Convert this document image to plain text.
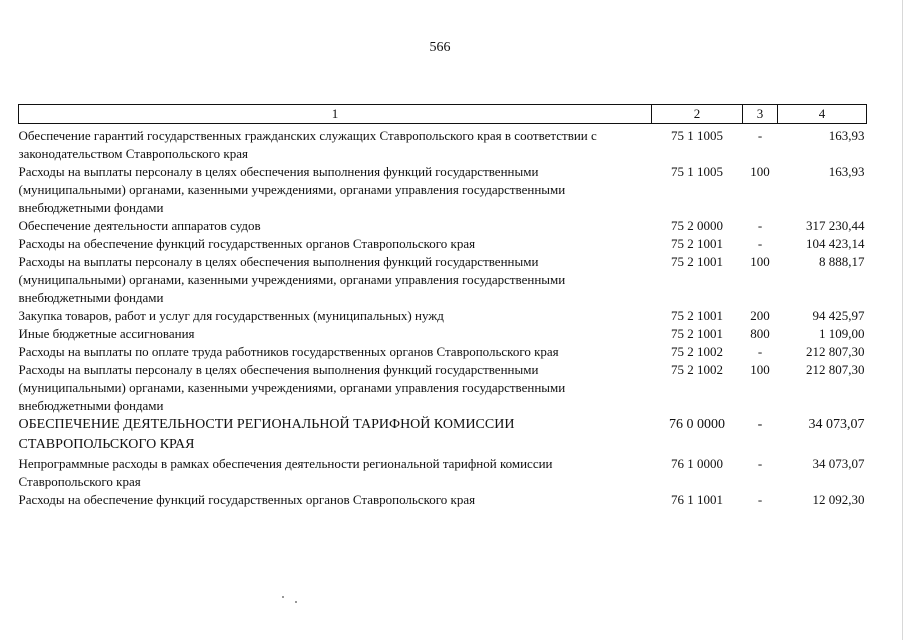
566
1	2	3	4

Обеспечение гарантий государственных гражданских служащих Ставропольского края в соответствии с законодательством Ставропольского края	75 1 1005	-	163,93
Расходы на выплаты персоналу в целях обеспечения выполнения функций государственными (муниципальными) органами, казенными учреждениями, органами управления государственными внебюджетными фондами	75 1 1005	100	163,93
Обеспечение деятельности аппаратов судов	75 2 0000	-	317 230,44
Расходы на обеспечение функций государственных органов Ставропольского края	75 2 1001	-	104 423,14
Расходы на выплаты персоналу в целях обеспечения выполнения функций государственными (муниципальными) органами, казенными учреждениями, органами управления государственными внебюджетными фондами	75 2 1001	100	8 888,17
Закупка товаров, работ и услуг для государственных (муниципальных) нужд	75 2 1001	200	94 425,97
Иные бюджетные ассигнования	75 2 1001	800	1 109,00
Расходы на выплаты по оплате труда работников государственных органов Ставропольского края	75 2 1002	-	212 807,30
Расходы на выплаты персоналу в целях обеспечения выполнения функций государственными (муниципальными) органами, казенными учреждениями, органами управления государственными внебюджетными фондами	75 2 1002	100	212 807,30
ОБЕСПЕЧЕНИЕ ДЕЯТЕЛЬНОСТИ РЕГИОНАЛЬНОЙ ТАРИФНОЙ КОМИССИИ СТАВРОПОЛЬСКОГО КРАЯ	76 0 0000	-	34 073,07
Непрограммные расходы в рамках обеспечения деятельности региональной тарифной комиссии Ставропольского края	76 1 0000	-	34 073,07
Расходы на обеспечение функций государственных органов Ставропольского края	76 1 1001	-	12 092,30
